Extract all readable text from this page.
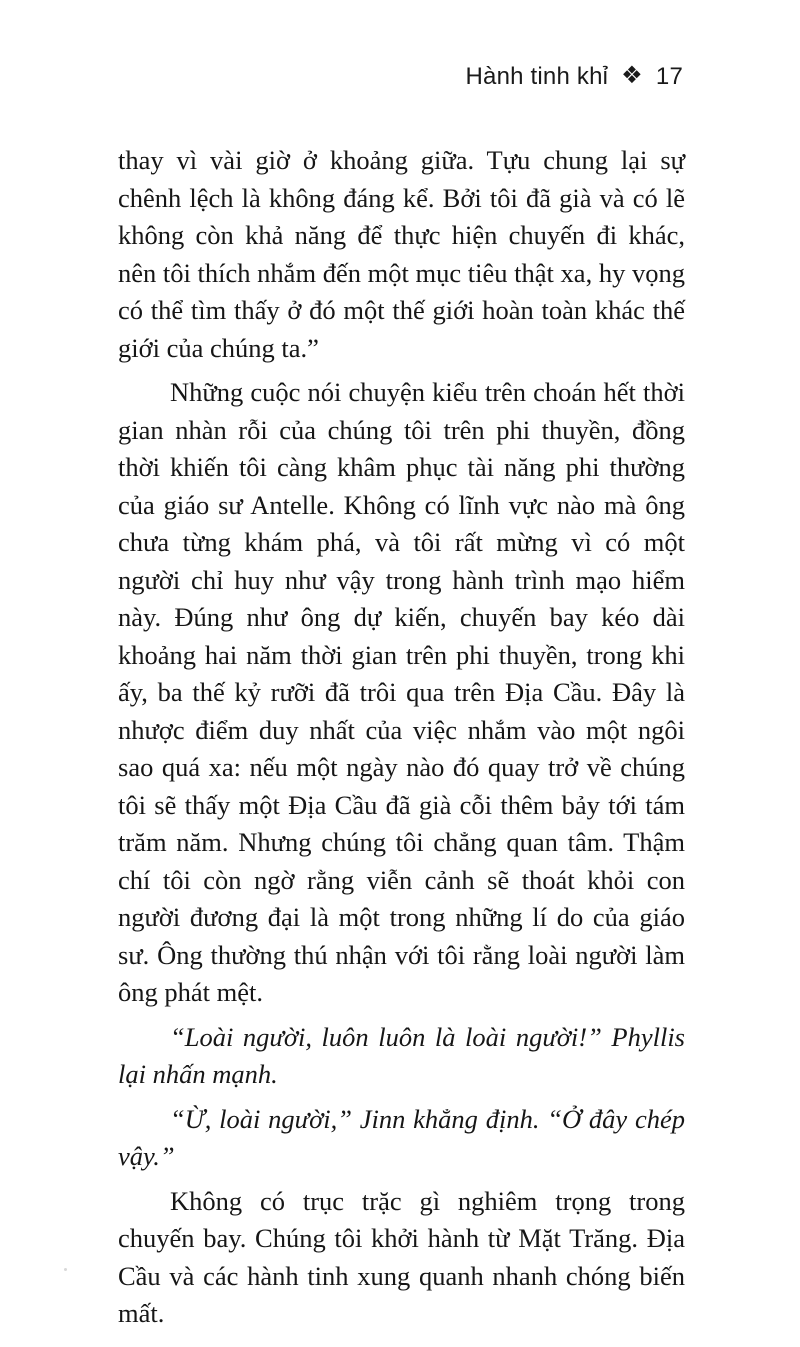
Hành tinh khỉ ❖ 17

thay vì vài giờ ở khoảng giữa. Tựu chung lại sự chênh lệch là không đáng kể. Bởi tôi đã già và có lẽ không còn khả năng để thực hiện chuyến đi khác, nên tôi thích nhắm đến một mục tiêu thật xa, hy vọng có thể tìm thấy ở đó một thế giới hoàn toàn khác thế giới của chúng ta.”

Những cuộc nói chuyện kiểu trên choán hết thời gian nhàn rỗi của chúng tôi trên phi thuyền, đồng thời khiến tôi càng khâm phục tài năng phi thường của giáo sư Antelle. Không có lĩnh vực nào mà ông chưa từng khám phá, và tôi rất mừng vì có một người chỉ huy như vậy trong hành trình mạo hiểm này. Đúng như ông dự kiến, chuyến bay kéo dài khoảng hai năm thời gian trên phi thuyền, trong khi ấy, ba thế kỷ rưỡi đã trôi qua trên Địa Cầu. Đây là nhược điểm duy nhất của việc nhắm vào một ngôi sao quá xa: nếu một ngày nào đó quay trở về chúng tôi sẽ thấy một Địa Cầu đã già cỗi thêm bảy tới tám trăm năm. Nhưng chúng tôi chẳng quan tâm. Thậm chí tôi còn ngờ rằng viễn cảnh sẽ thoát khỏi con người đương đại là một trong những lí do của giáo sư. Ông thường thú nhận với tôi rằng loài người làm ông phát mệt.

“Loài người, luôn luôn là loài người!” Phyllis lại nhấn mạnh.

“Ừ, loài người,” Jinn khẳng định. “Ở đây chép vậy.”

Không có trục trặc gì nghiêm trọng trong chuyến bay. Chúng tôi khởi hành từ Mặt Trăng. Địa Cầu và các hành tinh xung quanh nhanh chóng biến mất.
